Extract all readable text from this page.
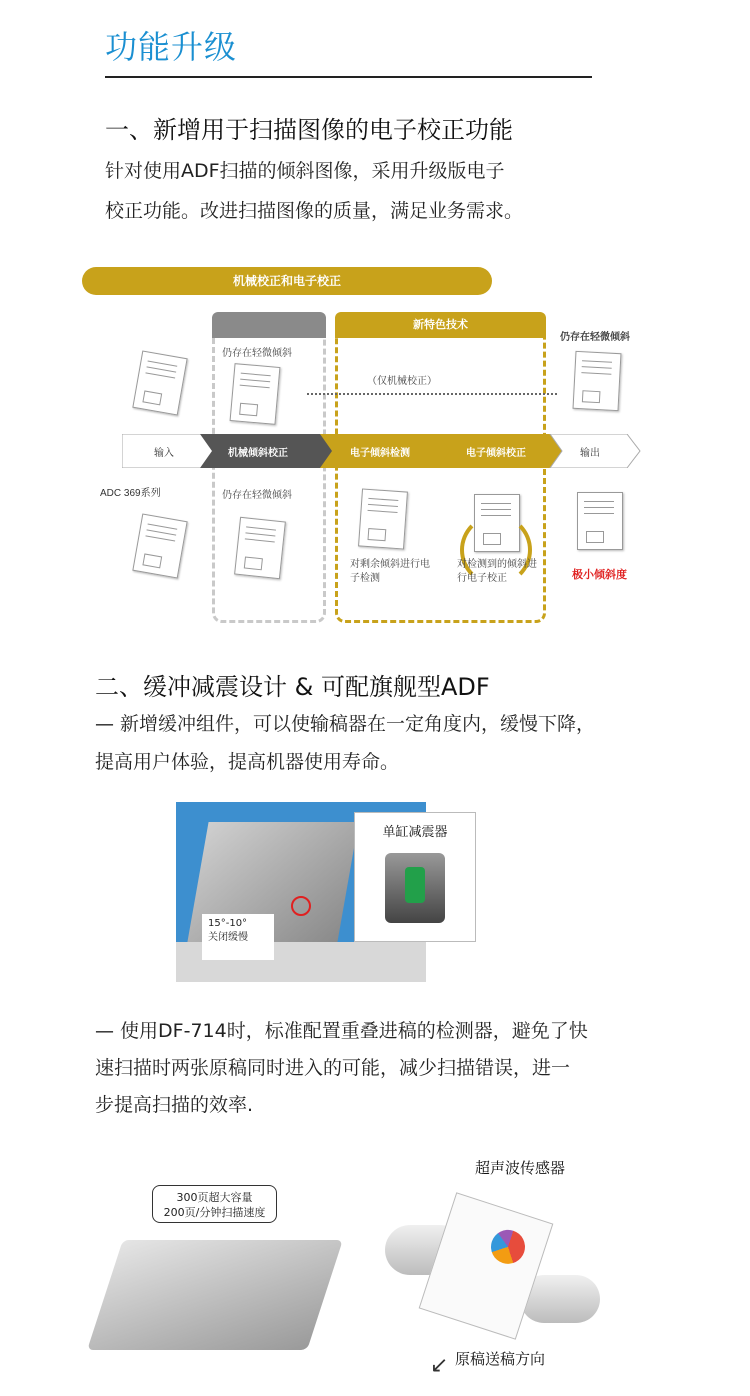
功能升级
一、新增用于扫描图像的电子校正功能
针对使用ADF扫描的倾斜图像，采用升级版电子
校正功能。改进扫描图像的质量，满足业务需求。
机械校正和电子校正
新特色技术
仍存在轻微倾斜
（仅机械校正）
仍存在轻微倾斜
输入	机械倾斜校正	电子倾斜检测	电子倾斜校正	输出
ADC 369系列	仍存在轻微倾斜
对剩余倾斜进行电
子检测
对检测到的倾斜进
行电子校正	极小倾斜度
二、缓冲减震设计 & 可配旗舰型ADF
— 新增缓冲组件，可以使输稿器在一定角度内，缓慢下降，
提高用户体验，提高机器使用寿命。
单缸减震器
15°-10°
关闭缓慢
— 使用DF-714时，标准配置重叠进稿的检测器，避免了快
速扫描时两张原稿同时进入的可能，减少扫描错误，进一
步提高扫描的效率.
300页超大容量
200页/分钟扫描速度
超声波传感器
原稿送稿方向
↙
